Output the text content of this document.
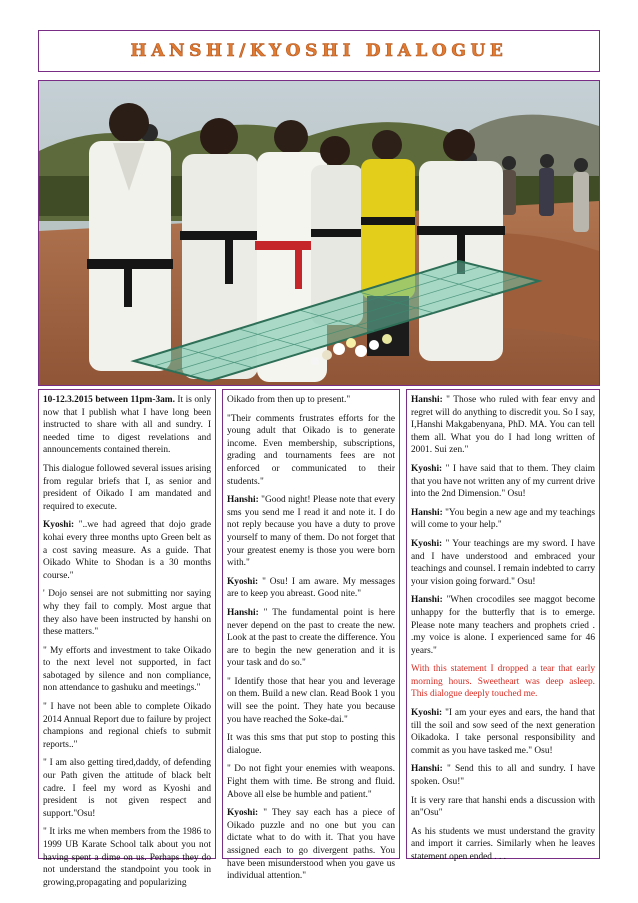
HANSHI/KYOSHI DIALOGUE

10-12.3.2015 between 11pm-3am. It is only now that I publish what I have long been instructed to share with all and sundry. I needed time to digest revelations and announcements contained therein.

This dialogue followed several issues arising from regular briefs that I, as senior and president of Oikado I am mandated and required to execute.

Kyoshi: "..we had agreed that dojo grade kohai every three months upto Green belt as a cost saving measure. As a guide. That Oikado White to Shodan is a 30 months course."

' Dojo sensei are not submitting nor saying why they fail to comply. Most argue that they also have been instructed by hanshi on these matters."

" My efforts and investment to take Oikado to the next level not supported, in fact sabotaged by silence and non compliance, non attendance to gashuku and meetings."

" I have not been able to complete Oikado 2014 Annual Report due to failure by project champions and regional chiefs to submit reports.."

" I am also getting tired,daddy, of defending our Path given the attitude of black belt cadre. I feel my word as Kyoshi and president is not given respect and support."Osu!

" It irks me when members from the 1986 to 1999 UB Karate School talk about you not having spent a dime on us. Perhaps they do not understand the standpoint you took in growing,propagating and popularizing

Oikado from then up to present."

"Their comments frustrates efforts for the young adult that Oikado is to generate income. Even membership, subscriptions, grading and tournaments fees are not enforced or communicated to their students."

Hanshi: "Good night! Please note that every sms you send me I read it and note it. I do not reply because you have a duty to prove yourself to many of them. Do not forget that your greatest enemy is those you were born with."

Kyoshi: " Osu! I am aware. My messages are to keep you abreast. Good nite."

Hanshi: " The fundamental point is here never depend on the past to create the new. Look at the past to create the difference. You are to begin the new generation and it is your task and do so."

" Identify those that hear you and leverage on them. Build a new clan. Read Book 1 you will see the point. They hate you because you have reached the Soke-dai."

It was this sms that put stop to posting this dialogue.

" Do not fight your enemies with weapons. Fight them with time. Be strong and fluid. Above all else be humble and patient."

Kyoshi: " They say each has a piece of Oikado puzzle and no one but you can dictate what to do with it. That you have assigned each to go divergent paths. You have been misunderstood when you gave us individual attention."

Hanshi: " Those who ruled with fear envy and regret will do anything to discredit you. So I say, I,Hanshi Makgabenyana, PhD. MA. You can tell them all. What you do I had long written of 2001. Sui zen."

Kyoshi: " I have said that to them. They claim that you have not written any of my current drive into the 2nd Dimension." Osu!

Hanshi: "You begin a new age and my teachings will come to your help."

Kyoshi: " Your teachings are my sword. I have and I have understood and embraced your teachings and counsel. I remain indebted to carry your vision going forward." Osu!

Hanshi: "When crocodiles see maggot become unhappy for the butterfly that is to emerge. Please note many teachers and prophets cried . .my voice is alone. I experienced same for 46 years."

With this statement I dropped a tear that early morning hours. Sweetheart was deep asleep. This dialogue deeply touched me.

Kyoshi: "I am your eyes and ears, the hand that till the soil and sow seed of the next generation Oikadoka. I take personal responsibility and commit as you have tasked me." Osu!

Hanshi: " Send this to all and sundry. I have spoken. Osu!"

It is very rare that hanshi ends a discussion with an"Osu"

As his students we must understand the gravity and import it carries. Similarly when he leaves statement open ended . . .
